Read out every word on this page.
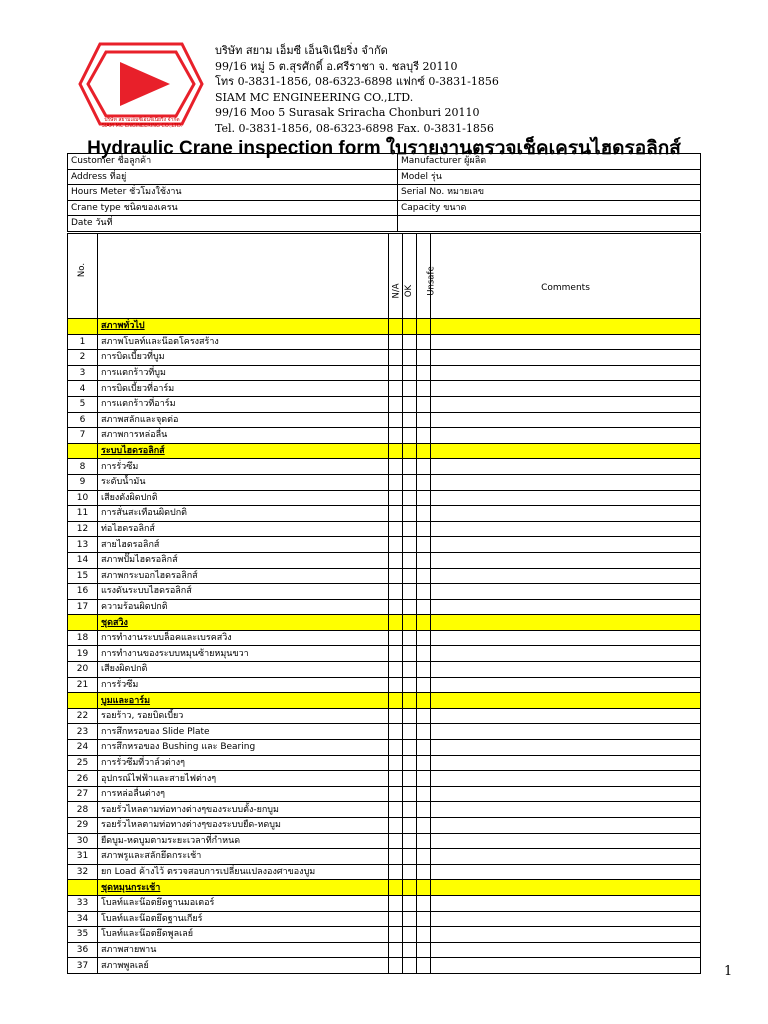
บริษัท สยามเอ็มซีเอ็นจิเนียริ่ง จำกัด
SIAM MC ENGINEERING CO.,LTD.
บริษัท สยาม เอ็มซี เอ็นจิเนียริ่ง จำกัด
99/16 หมู่ 5 ต.สุรศักดิ์ อ.ศรีราชา จ. ชลบุรี 20110
โทร 0-3831-1856, 08-6323-6898 แฟกซ์ 0-3831-1856
SIAM MC ENGINEERING CO.,LTD.
99/16 Moo 5 Surasak Sriracha Chonburi 20110
Tel. 0-3831-1856, 08-6323-6898 Fax. 0-3831-1856
Hydraulic Crane inspection form ใบรายงานตรวจเช็คเครนไฮดรอลิกส์
Customer ชื่อลูกค้า	Manufacturer ผู้ผลิต
Address ที่อยู่	Model รุ่น
Hours Meter ชั่วโมงใช้งาน	Serial No. หมายเลข
Crane type ชนิดของเครน	Capacity ขนาด
Date วันที่	
No.		N/A	OK	Unsafe	Comments
	สภาพทั่วไป				
1	สภาพโบลท์และน๊อตโครงสร้าง				
2	การบิดเบี้ยวที่บูม				
3	การแตกร้าวที่บูม				
4	การบิดเบี้ยวที่อาร์ม				
5	การแตกร้าวที่อาร์ม				
6	สภาพสลักและจุดต่อ				
7	สภาพการหล่อลื่น				
	ระบบไฮดรอลิกส์				
8	การรั่วซึม				
9	ระดับน้ำมัน				
10	เสียงดังผิดปกติ				
11	การสั่นสะเทือนผิดปกติ				
12	ท่อไฮดรอลิกส์				
13	สายไฮดรอลิกส์				
14	สภาพปั๊มไฮดรอลิกส์				
15	สภาพกระบอกไฮดรอลิกส์				
16	แรงดันระบบไฮดรอลิกส์				
17	ความร้อนผิดปกติ				
	ชุดสวิง				
18	การทำงานระบบล็อคและเบรคสวิง				
19	การทำงานของระบบหมุนซ้ายหมุนขวา				
20	เสียงผิดปกติ				
21	การรั่วซึม				
	บูมและอาร์ม				
22	รอยร้าว, รอยบิดเบี้ยว				
23	การสึกหรอของ Slide Plate				
24	การสึกหรอของ Bushing และ Bearing				
25	การรั่วซึมที่วาล์วต่างๆ				
26	อุปกรณ์ไฟฟ้าและสายไฟต่างๆ				
27	การหล่อลื่นต่างๆ				
28	รอยรั่วไหลตามท่อทางต่างๆของระบบตั้ง-ยกบูม				
29	รอยรั่วไหลตามท่อทางต่างๆของระบบยืด-หดบูม				
30	ยืดบูม-หดบูมตามระยะเวลาที่กำหนด				
31	สภาพรูและสลักยึดกระเช้า				
32	ยก Load ค้างไว้ ตรวจสอบการเปลี่ยนแปลงองศาของบูม				
	ชุดหมุนกระเช้า				
33	โบลท์และน๊อตยึดฐานมอเตอร์				
34	โบลท์และน๊อตยึดฐานเกียร์				
35	โบลท์และน๊อตยึดพูลเลย์				
36	สภาพสายพาน				
37	สภาพพูลเลย์					1
